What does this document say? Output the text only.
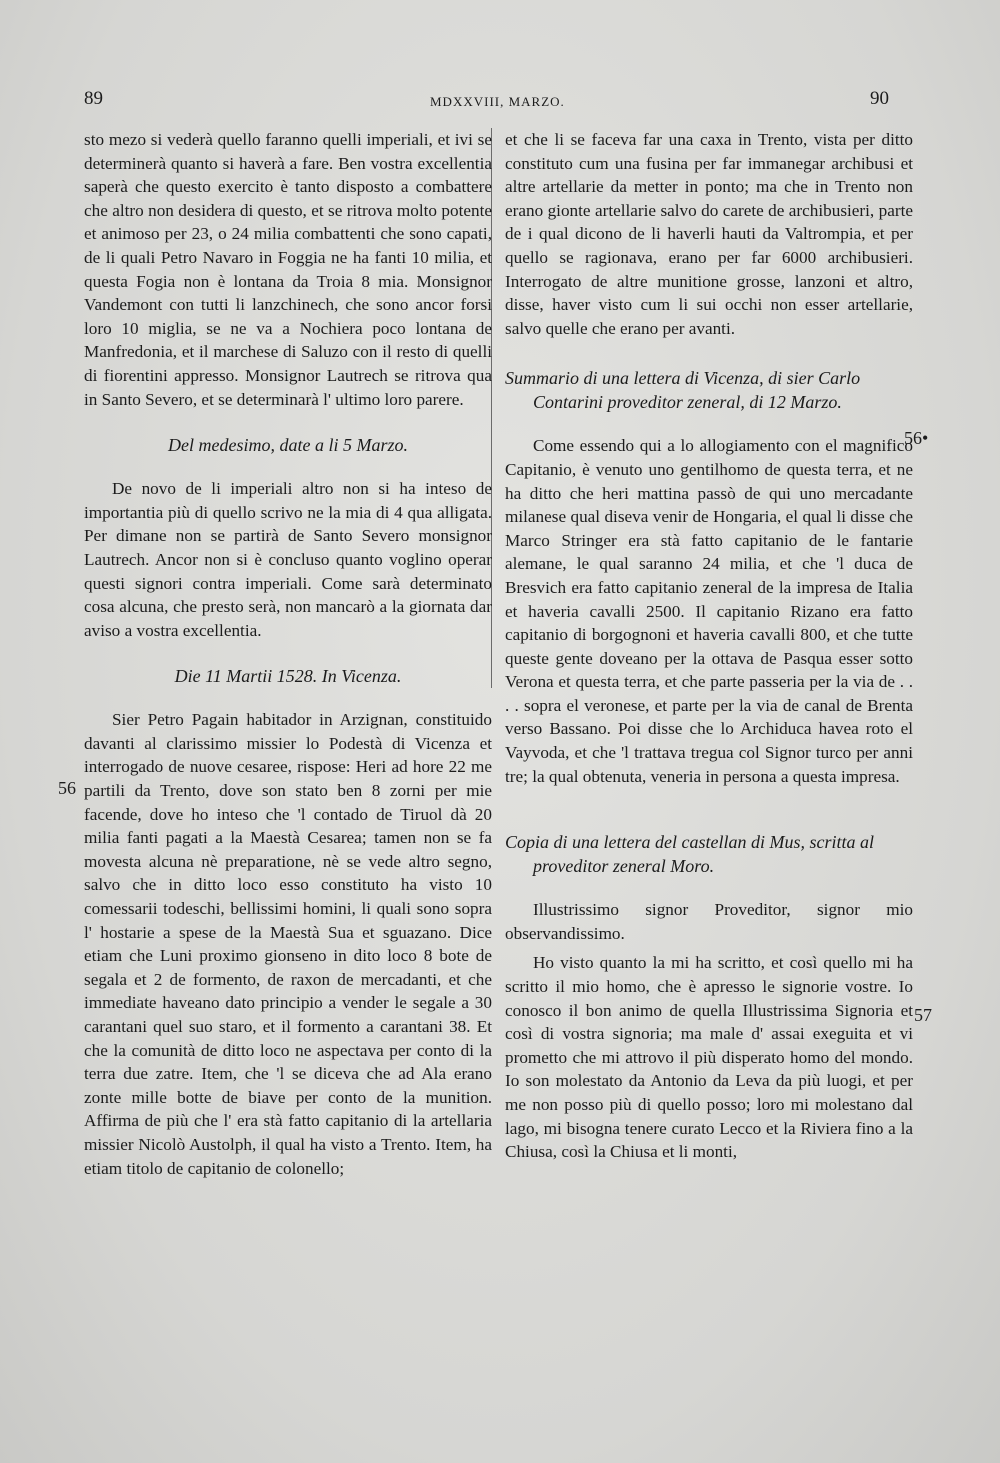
89	MDXXVIII, MARZO.	90
56
56•
57

sto mezo si vederà quello faranno quelli imperiali, et ivi se determinerà quanto si haverà a fare. Ben vostra excellentia saperà che questo exercito è tanto disposto a combattere che altro non desidera di questo, et se ritrova molto potente et animoso per 23, o 24 milia combattenti che sono capati, de li quali Petro Navaro in Foggia ne ha fanti 10 milia, et questa Fogia non è lontana da Troia 8 mia. Monsignor Vandemont con tutti li lanzchinech, che sono ancor forsi loro 10 miglia, se ne va a Nochiera poco lontana de Manfredonia, et il marchese di Saluzo con il resto di quelli di fiorentini appresso. Monsignor Lautrech se ritrova qua in Santo Severo, et se determinarà l' ultimo loro parere.

Del medesimo, date a li 5 Marzo.

De novo de li imperiali altro non si ha inteso de importantia più di quello scrivo ne la mia di 4 qua alligata. Per dimane non se partirà de Santo Severo monsignor Lautrech. Ancor non si è concluso quanto voglino operar questi signori contra imperiali. Come sarà determinato cosa alcuna, che presto serà, non mancarò a la giornata dar aviso a vostra excellentia.

Die 11 Martii 1528. In Vicenza.

Sier Petro Pagain habitador in Arzignan, constituido davanti al clarissimo missier lo Podestà di Vicenza et interrogado de nuove cesaree, rispose: Heri ad hore 22 me partili da Trento, dove son stato ben 8 zorni per mie facende, dove ho inteso che 'l contado de Tiruol dà 20 milia fanti pagati a la Maestà Cesarea; tamen non se fa movesta alcuna nè preparatione, nè se vede altro segno, salvo che in ditto loco esso constituto ha visto 10 comessarii todeschi, bellissimi homini, li quali sono sopra l' hostarie a spese de la Maestà Sua et sguazano. Dice etiam che Luni proximo gionseno in dito loco 8 bote de segala et 2 de formento, de raxon de mercadanti, et che immediate haveano dato principio a vender le segale a 30 carantani quel suo staro, et il formento a carantani 38. Et che la comunità de ditto loco ne aspectava per conto di la terra due zatre. Item, che 'l se diceva che ad Ala erano zonte mille botte de biave per conto de la munition. Affirma de più che l' era stà fatto capitanio di la artellaria missier Nicolò Austolph, il qual ha visto a Trento. Item, ha etiam titolo de capitanio de colonello;

et che li se faceva far una caxa in Trento, vista per ditto constituto cum una fusina per far immanegar archibusi et altre artellarie da metter in ponto; ma che in Trento non erano gionte artellarie salvo do carete de archibusieri, parte de i qual dicono de li haverli hauti da Valtrompia, et per quello se ragionava, erano per far 6000 archibusieri. Interrogato de altre munitione grosse, lanzoni et altro, disse, haver visto cum li sui occhi non esser artellarie, salvo quelle che erano per avanti.

Summario di una lettera di Vicenza, di sier Carlo Contarini proveditor zeneral, di 12 Marzo.

Come essendo qui a lo allogiamento con el magnifico Capitanio, è venuto uno gentilhomo de questa terra, et ne ha ditto che heri mattina passò de qui uno mercadante milanese qual diseva venir de Hongaria, el qual li disse che Marco Stringer era stà fatto capitanio de le fantarie alemane, le qual saranno 24 milia, et che 'l duca de Bresvich era fatto capitanio zeneral de la impresa de Italia et haveria cavalli 2500. Il capitanio Rizano era fatto capitanio di borgognoni et haveria cavalli 800, et che tutte queste gente doveano per la ottava de Pasqua esser sotto Verona et questa terra, et che parte passeria per la via de . . . . sopra el veronese, et parte per la via de canal de Brenta verso Bassano. Poi disse che lo Archiduca havea roto el Vayvoda, et che 'l trattava tregua col Signor turco per anni tre; la qual obtenuta, veneria in persona a questa impresa.

Copia di una lettera del castellan di Mus, scritta al proveditor zeneral Moro.

Illustrissimo signor Proveditor, signor mio observandissimo.

Ho visto quanto la mi ha scritto, et così quello mi ha scritto il mio homo, che è apresso le signorie vostre. Io conosco il bon animo de quella Illustrissima Signoria et così di vostra signoria; ma male d' assai exeguita et vi prometto che mi attrovo il più disperato homo del mondo. Io son molestato da Antonio da Leva da più luogi, et per me non posso più di quello posso; loro mi molestano dal lago, mi bisogna tenere curato Lecco et la Riviera fino a la Chiusa, così la Chiusa et li monti,
